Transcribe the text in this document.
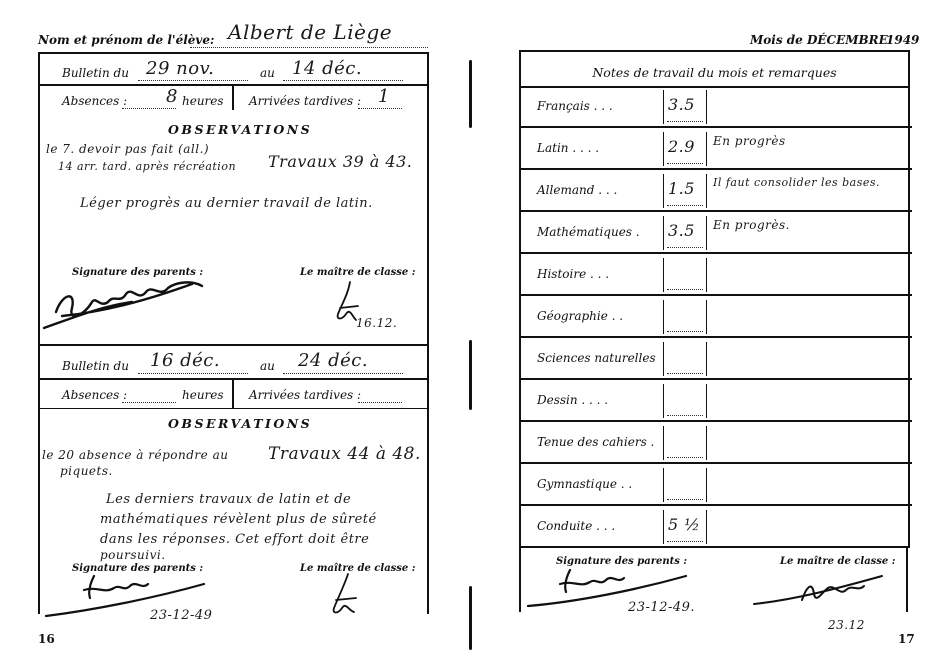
Nom et prénom de l'élève: Albert de Liège
Bulletin du 29 nov.	au 14 déc.
Absences : 8 heures Arrivées tardives : 1
OBSERVATIONS
le 7. devoir pas fait (all.)
14 arr. tard. après récréation Travaux 39 à 43.
Léger progrès au dernier travail de latin.
Signature des parents :	Le maître de classe :
16.12.
Bulletin du 16 déc.	au 24 déc.
Absences :	heures Arrivées tardives :
OBSERVATIONS
le 20 absence à répondre au
piquets.
Travaux 44 à 48.
Les derniers travaux de latin et de
mathématiques révèlent plus de sûreté
dans les réponses. Cet effort doit être
poursuivi.
Signature des parents :	Le maître de classe :
23-12-49
16
Mois de DÉCEMBRE
1949
Notes de travail du mois et remarques
Français . . .	3.5
Latin . . . .	2.9 En progrès
Allemand . . .	1.5 Il faut consolider les bases.
Mathématiques . 3.5 En progrès.
Histoire . . .
Géographie . .
Sciences naturelles
Dessin . . . .
Tenue des cahiers .
Gymnastique . .
Conduite . . .	5 ½
Signature des parents :	Le maître de classe :
23-12-49.
23.12
17
